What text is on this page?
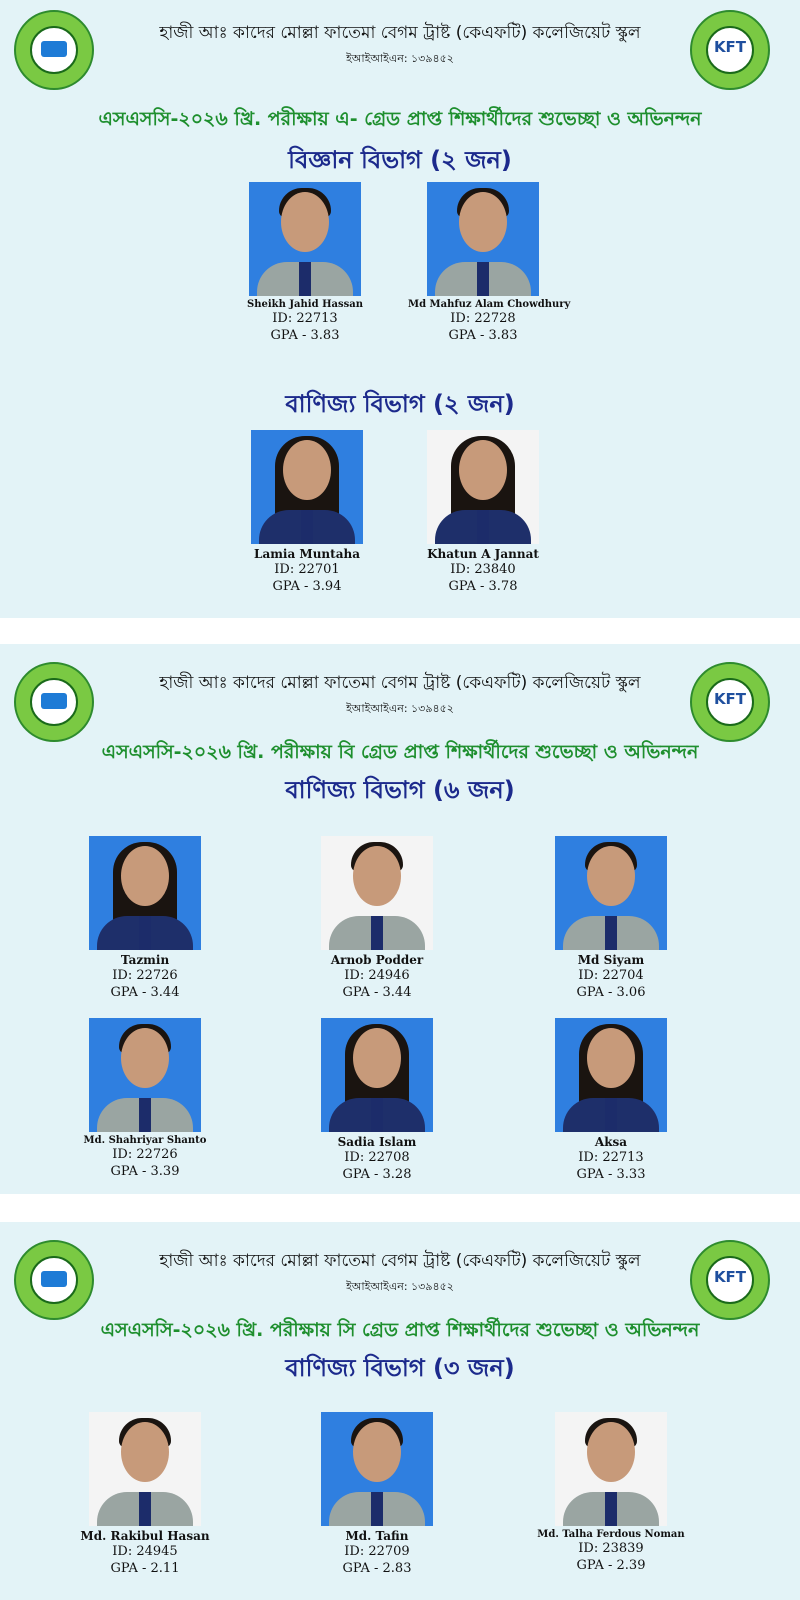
KFT
হাজী আঃ কাদের মোল্লা ফাতেমা বেগম ট্রাষ্ট (কেএফটি) কলেজিয়েট স্কুল
ইআইআইএন: ১৩৯৪৫২
এসএসসি-২০২৬ খ্রি. পরীক্ষায় এ- গ্রেড প্রাপ্ত শিক্ষার্থীদের শুভেচ্ছা ও অভিনন্দন
বিজ্ঞান বিভাগ (২ জন)
Sheikh Jahid Hassan
ID: 22713
GPA - 3.83
Md Mahfuz Alam Chowdhury
ID: 22728
GPA - 3.83
বাণিজ্য বিভাগ (২ জন)
Lamia Muntaha
ID: 22701
GPA - 3.94
Khatun A Jannat
ID: 23840
GPA - 3.78
KFT
হাজী আঃ কাদের মোল্লা ফাতেমা বেগম ট্রাষ্ট (কেএফটি) কলেজিয়েট স্কুল
ইআইআইএন: ১৩৯৪৫২
এসএসসি-২০২৬ খ্রি. পরীক্ষায় বি গ্রেড প্রাপ্ত শিক্ষার্থীদের শুভেচ্ছা ও অভিনন্দন
বাণিজ্য বিভাগ (৬ জন)
Tazmin
ID: 22726
GPA - 3.44
Arnob Podder
ID: 24946
GPA - 3.44
Md Siyam
ID: 22704
GPA - 3.06
Md. Shahriyar Shanto
ID: 22726
GPA - 3.39
Sadia Islam
ID: 22708
GPA - 3.28
Aksa
ID: 22713
GPA - 3.33
KFT
হাজী আঃ কাদের মোল্লা ফাতেমা বেগম ট্রাষ্ট (কেএফটি) কলেজিয়েট স্কুল
ইআইআইএন: ১৩৯৪৫২
এসএসসি-২০২৬ খ্রি. পরীক্ষায় সি গ্রেড প্রাপ্ত শিক্ষার্থীদের শুভেচ্ছা ও অভিনন্দন
বাণিজ্য বিভাগ (৩ জন)
Md. Rakibul Hasan
ID: 24945
GPA - 2.11
Md. Tafin
ID: 22709
GPA - 2.83
Md. Talha Ferdous Noman
ID: 23839
GPA - 2.39
